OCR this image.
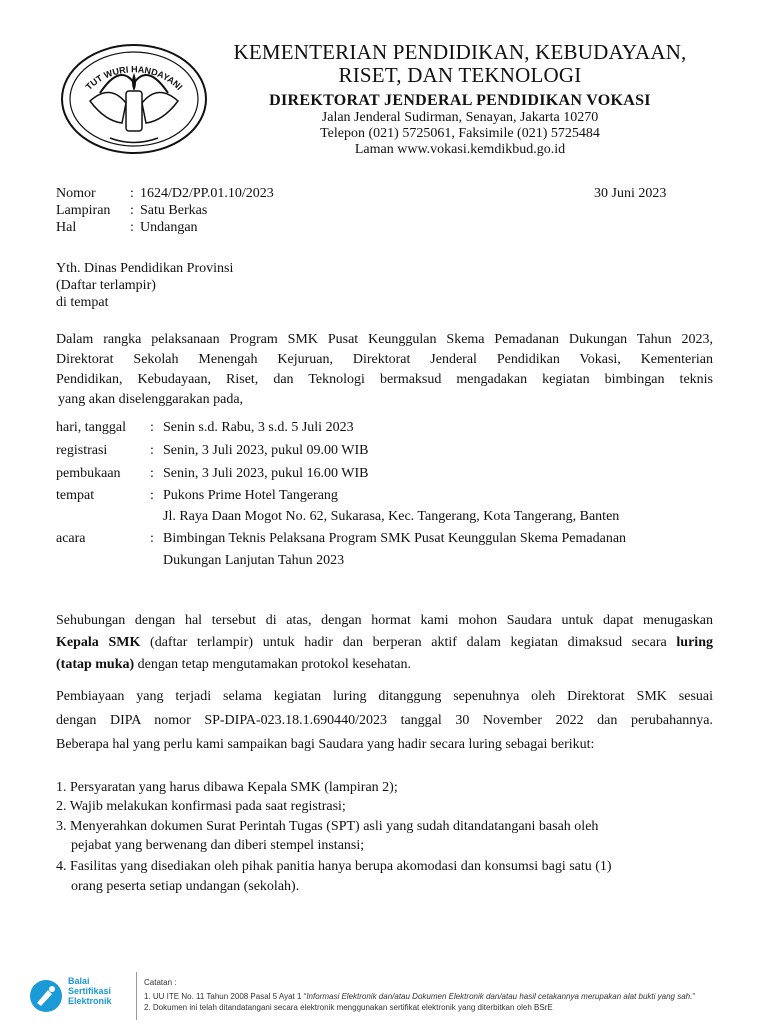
TUT WURI HANDAYANI
KEMENTERIAN PENDIDIKAN, KEBUDAYAAN,
RISET, DAN TEKNOLOGI
DIREKTORAT JENDERAL PENDIDIKAN VOKASI
Jalan Jenderal Sudirman, Senayan, Jakarta 10270
Telepon (021) 5725061, Faksimile (021) 5725484
Laman www.vokasi.kemdikbud.go.id
Nomor : 1624/D2/PP.01.10/2023	30 Juni 2023
Lampiran : Satu Berkas
Hal	: Undangan
Yth. Dinas Pendidikan Provinsi
(Daftar terlampir)
di tempat
Dalam rangka pelaksanaan Program SMK Pusat Keunggulan Skema Pemadanan Dukungan Tahun 2023,
Direktorat Sekolah Menengah Kejuruan, Direktorat Jenderal Pendidikan Vokasi, Kementerian
Pendidikan, Kebudayaan, Riset, dan Teknologi bermaksud mengadakan kegiatan bimbingan teknis
yang akan diselenggarakan pada,
hari, tanggal : Senin s.d. Rabu, 3 s.d. 5 Juli 2023
registrasi	: Senin, 3 Juli 2023, pukul 09.00 WIB
pembukaan : Senin, 3 Juli 2023, pukul 16.00 WIB
tempat	: Pukons Prime Hotel Tangerang
Jl. Raya Daan Mogot No. 62, Sukarasa, Kec. Tangerang, Kota Tangerang, Banten
acara	: Bimbingan Teknis Pelaksana Program SMK Pusat Keunggulan Skema Pemadanan
Dukungan Lanjutan Tahun 2023
Sehubungan dengan hal tersebut di atas, dengan hormat kami mohon Saudara untuk dapat menugaskan
Kepala SMK (daftar terlampir) untuk hadir dan berperan aktif dalam kegiatan dimaksud secara luring
(tatap muka) dengan tetap mengutamakan protokol kesehatan.
Pembiayaan yang terjadi selama kegiatan luring ditanggung sepenuhnya oleh Direktorat SMK sesuai
dengan DIPA nomor SP-DIPA-023.18.1.690440/2023 tanggal 30 November 2022 dan perubahannya.
Beberapa hal yang perlu kami sampaikan bagi Saudara yang hadir secara luring sebagai berikut:
1. Persyaratan yang harus dibawa Kepala SMK (lampiran 2);
2. Wajib melakukan konfirmasi pada saat registrasi;
3. Menyerahkan dokumen Surat Perintah Tugas (SPT) asli yang sudah ditandatangani basah oleh
pejabat yang berwenang dan diberi stempel instansi;
4. Fasilitas yang disediakan oleh pihak panitia hanya berupa akomodasi dan konsumsi bagi satu (1)
orang peserta setiap undangan (sekolah).
Balai
Sertifikasi
Elektronik
Catatan :
1. UU ITE No. 11 Tahun 2008 Pasal 5 Ayat 1 “Informasi Elektronik dan/atau Dokumen Elektronik dan/atau hasil cetakannya merupakan alat bukti yang sah.”
2. Dokumen ini telah ditandatangani secara elektronik menggunakan sertifikat elektronik yang diterbitkan oleh BSrE
